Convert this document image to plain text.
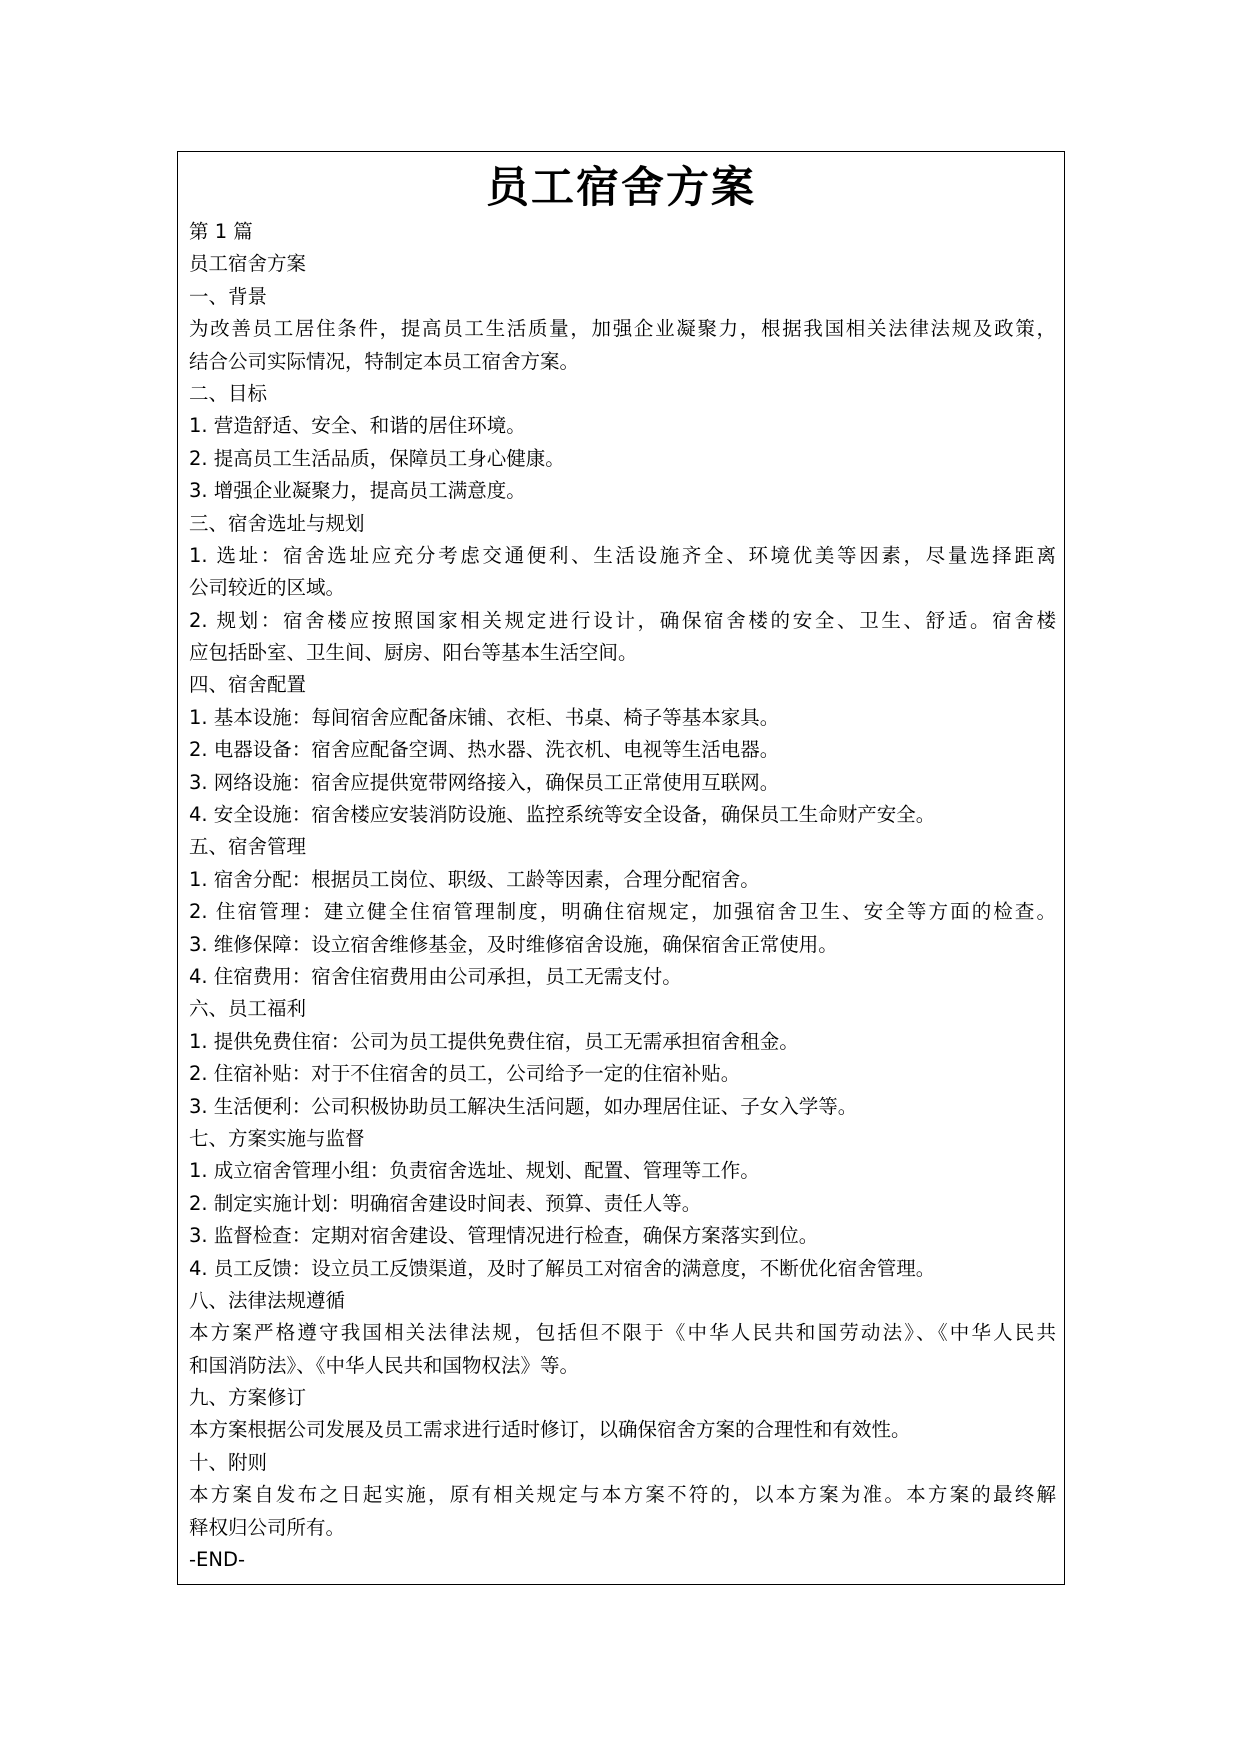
员工宿舍方案
第 1 篇
员工宿舍方案
一、背景
为改善员工居住条件，提高员工生活质量，加强企业凝聚力，根据我国相关法律法规及政策，
结合公司实际情况，特制定本员工宿舍方案。
二、目标
1. 营造舒适、安全、和谐的居住环境。
2. 提高员工生活品质，保障员工身心健康。
3. 增强企业凝聚力，提高员工满意度。
三、宿舍选址与规划
1. 选址：宿舍选址应充分考虑交通便利、生活设施齐全、环境优美等因素，尽量选择距离
公司较近的区域。
2. 规划：宿舍楼应按照国家相关规定进行设计，确保宿舍楼的安全、卫生、舒适。宿舍楼
应包括卧室、卫生间、厨房、阳台等基本生活空间。
四、宿舍配置
1. 基本设施：每间宿舍应配备床铺、衣柜、书桌、椅子等基本家具。
2. 电器设备：宿舍应配备空调、热水器、洗衣机、电视等生活电器。
3. 网络设施：宿舍应提供宽带网络接入，确保员工正常使用互联网。
4. 安全设施：宿舍楼应安装消防设施、监控系统等安全设备，确保员工生命财产安全。
五、宿舍管理
1. 宿舍分配：根据员工岗位、职级、工龄等因素，合理分配宿舍。
2. 住宿管理：建立健全住宿管理制度，明确住宿规定，加强宿舍卫生、安全等方面的检查。
3. 维修保障：设立宿舍维修基金，及时维修宿舍设施，确保宿舍正常使用。
4. 住宿费用：宿舍住宿费用由公司承担，员工无需支付。
六、员工福利
1. 提供免费住宿：公司为员工提供免费住宿，员工无需承担宿舍租金。
2. 住宿补贴：对于不住宿舍的员工，公司给予一定的住宿补贴。
3. 生活便利：公司积极协助员工解决生活问题，如办理居住证、子女入学等。
七、方案实施与监督
1. 成立宿舍管理小组：负责宿舍选址、规划、配置、管理等工作。
2. 制定实施计划：明确宿舍建设时间表、预算、责任人等。
3. 监督检查：定期对宿舍建设、管理情况进行检查，确保方案落实到位。
4. 员工反馈：设立员工反馈渠道，及时了解员工对宿舍的满意度，不断优化宿舍管理。
八、法律法规遵循
本方案严格遵守我国相关法律法规，包括但不限于《中华人民共和国劳动法》、《中华人民共
和国消防法》、《中华人民共和国物权法》等。
九、方案修订
本方案根据公司发展及员工需求进行适时修订，以确保宿舍方案的合理性和有效性。
十、附则
本方案自发布之日起实施，原有相关规定与本方案不符的，以本方案为准。本方案的最终解
释权归公司所有。
-END-
